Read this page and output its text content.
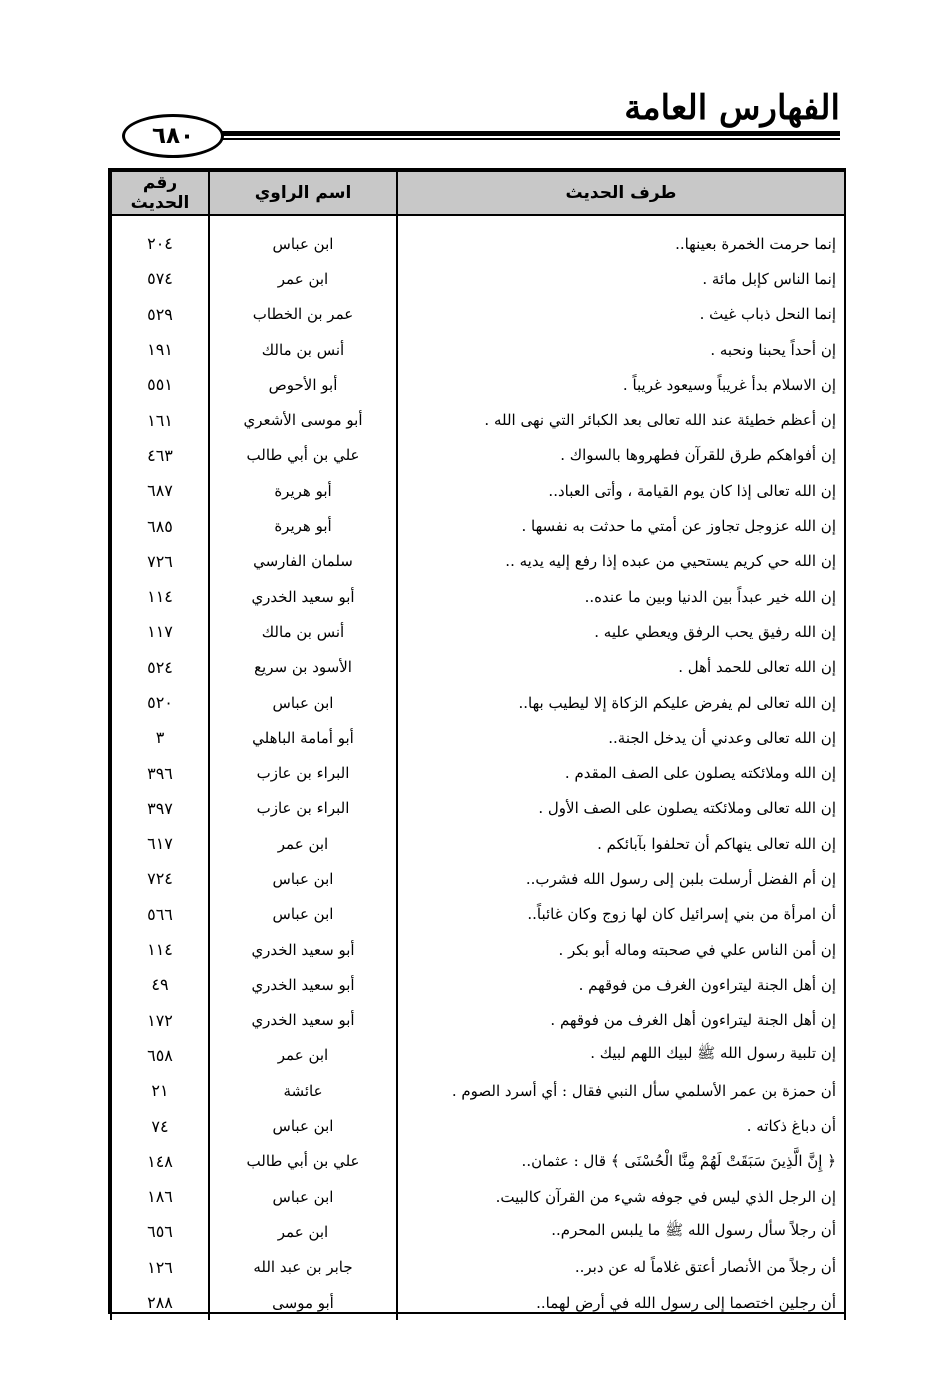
الفهارس العامة
٦٨٠
طرف الحديث	اسم الراوي	رقم الحديث

إنما حرمت الخمرة بعينها..	ابن عباس	٢٠٤
إنما الناس كإبل مائة .	ابن عمر	٥٧٤
إنما النحل ذباب غيث .	عمر بن الخطاب	٥٢٩
إن أحداً يحبنا ونحبه .	أنس بن مالك	١٩١
إن الاسلام بدأ غريباً وسيعود غريباً .	أبو الأحوص	٥٥١
إن أعظم خطيئة عند الله تعالى بعد الكبائر التي نهى الله .	أبو موسى الأشعري	١٦١
إن أفواهكم طرق للقرآن فطهروها بالسواك .	علي بن أبي طالب	٤٦٣
إن الله تعالى إذا كان يوم القيامة ، وأتى العباد..	أبو هريرة	٦٨٧
إن الله عزوجل تجاوز عن أمتي ما حدثت به نفسها .	أبو هريرة	٦٨٥
إن الله حي كريم يستحيي من عبده إذا رفع إليه يديه ..	سلمان الفارسي	٧٢٦
إن الله خير عبداً بين الدنيا وبين ما عنده..	أبو سعيد الخدري	١١٤
إن الله رفيق يحب الرفق ويعطي عليه .	أنس بن مالك	١١٧
إن الله تعالى للحمد أهل .	الأسود بن سريع	٥٢٤
إن الله تعالى لم يفرض عليكم الزكاة إلا ليطيب بها..	ابن عباس	٥٢٠
إن الله تعالى وعدني أن يدخل الجنة..	أبو أمامة الباهلي	٣
إن الله وملائكته يصلون على الصف المقدم .	البراء بن عازب	٣٩٦
إن الله تعالى وملائكته يصلون على الصف الأول .	البراء بن عازب	٣٩٧
إن الله تعالى ينهاكم أن تحلفوا بآبائكم .	ابن عمر	٦١٧
إن أم الفضل أرسلت بلبن إلى رسول الله فشرب..	ابن عباس	٧٢٤
أن امرأة من بني إسرائيل كان لها زوج وكان غائباً..	ابن عباس	٥٦٦
إن أمن الناس علي في صحبته وماله أبو بكر .	أبو سعيد الخدري	١١٤
إن أهل الجنة ليتراءون الغرف من فوقهم .	أبو سعيد الخدري	٤٩
إن أهل الجنة ليتراءون أهل الغرف من فوقهم .	أبو سعيد الخدري	١٧٢
إن تلبية رسول الله ﷺ لبيك اللهم لبيك .	ابن عمر	٦٥٨
أن حمزة بن عمر الأسلمي سأل النبي فقال : أي أسرد الصوم .	عائشة	٢١
أن دباغ ذكاته .	ابن عباس	٧٤
﴿ إِنَّ الَّذِينَ سَبَقَتْ لَهُمْ مِنَّا الْحُسْنَى ﴾ قال : عثمان..	علي بن أبي طالب	١٤٨
إن الرجل الذي ليس في جوفه شيء من القرآن كالبيت.	ابن عباس	١٨٦
أن رجلاً سأل رسول الله ﷺ ما يلبس المحرم..	ابن عمر	٦٥٦
أن رجلاً من الأنصار أعتق غلاماً له عن دبر..	جابر بن عبد الله	١٢٦
أن رجلين اختصما إلى رسول الله في أرض لهما..	أبو موسى	٢٨٨
